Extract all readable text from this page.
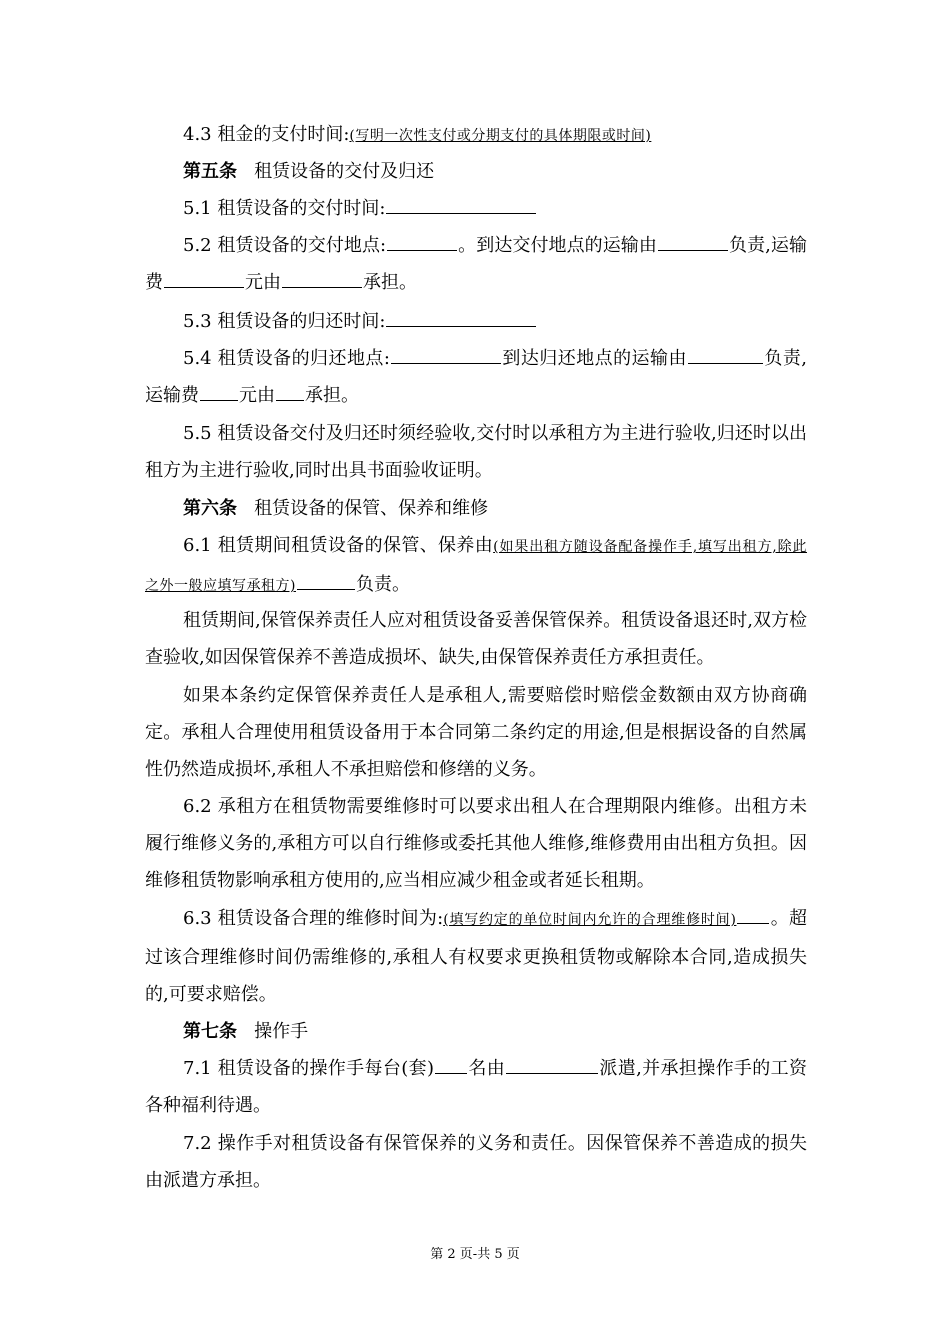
4.3 租金的支付时间:(写明一次性支付或分期支付的具体期限或时间)

第五条 租赁设备的交付及归还

5.1 租赁设备的交付时间:

5.2 租赁设备的交付地点:	。到达交付地点的运输由	负责,运输费	元由	承担。

5.3 租赁设备的归还时间:

5.4 租赁设备的归还地点:	到达归还地点的运输由	负责,运输费 元由 承担。

5.5 租赁设备交付及归还时须经验收,交付时以承租方为主进行验收,归还时以出租方为主进行验收,同时出具书面验收证明。

第六条 租赁设备的保管、保养和维修

6.1 租赁期间租赁设备的保管、保养由(如果出租方随设备配备操作手,填写出租方,除此之外一般应填写承租方)	负责。

租赁期间,保管保养责任人应对租赁设备妥善保管保养。租赁设备退还时,双方检查验收,如因保管保养不善造成损坏、缺失,由保管保养责任方承担责任。

如果本条约定保管保养责任人是承租人,需要赔偿时赔偿金数额由双方协商确定。承租人合理使用租赁设备用于本合同第二条约定的用途,但是根据设备的自然属性仍然造成损坏,承租人不承担赔偿和修缮的义务。

6.2 承租方在租赁物需要维修时可以要求出租人在合理期限内维修。出租方未履行维修义务的,承租方可以自行维修或委托其他人维修,维修费用由出租方负担。因维修租赁物影响承租方使用的,应当相应减少租金或者延长租期。

6.3 租赁设备合理的维修时间为:(填写约定的单位时间内允许的合理维修时间) 。超过该合理维修时间仍需维修的,承租人有权要求更换租赁物或解除本合同,造成损失的,可要求赔偿。

第七条 操作手

7.1 租赁设备的操作手每台(套) 名由	派遣,并承担操作手的工资各种福利待遇。

7.2 操作手对租赁设备有保管保养的义务和责任。因保管保养不善造成的损失由派遣方承担。

第 2 页-共 5 页
